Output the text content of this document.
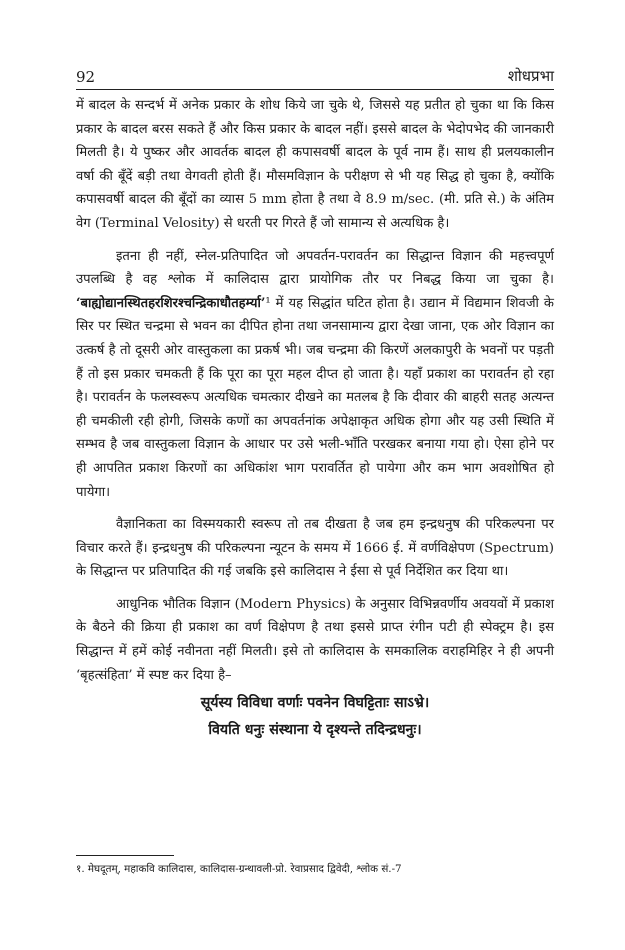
92	शोधप्रभा

में बादल के सन्दर्भ में अनेक प्रकार के शोध किये जा चुके थे, जिससे यह प्रतीत हो चुका था कि किस प्रकार के बादल बरस सकते हैं और किस प्रकार के बादल नहीं। इससे बादल के भेदोपभेद की जानकारी मिलती है। ये पुष्कर और आवर्तक बादल ही कपासवर्षी बादल के पूर्व नाम हैं। साथ ही प्रलयकालीन वर्षा की बूँदें बड़ी तथा वेगवती होती हैं। मौसमविज्ञान के परीक्षण से भी यह सिद्ध हो चुका है, क्योंकि कपासवर्षी बादल की बूँदों का व्यास 5 mm होता है तथा वे 8.9 m/sec. (मी. प्रति से.) के अंतिम वेग (Terminal Velosity) से धरती पर गिरते हैं जो सामान्य से अत्यधिक है।

इतना ही नहीं, स्नेल-प्रतिपादित जो अपवर्तन-परावर्तन का सिद्धान्त विज्ञान की महत्त्वपूर्ण उपलब्धि है वह श्लोक में कालिदास द्वारा प्रायोगिक तौर पर निबद्ध किया जा चुका है। ‘बाह्योद्यानस्थितहरशिरश्चन्द्रिकाधौतहर्म्या’¹ में यह सिद्धांत घटित होता है। उद्यान में विद्यमान शिवजी के सिर पर स्थित चन्द्रमा से भवन का दीपित होना तथा जनसामान्य द्वारा देखा जाना, एक ओर विज्ञान का उत्कर्ष है तो दूसरी ओर वास्तुकला का प्रकर्ष भी। जब चन्द्रमा की किरणें अलकापुरी के भवनों पर पड़ती हैं तो इस प्रकार चमकती हैं कि पूरा का पूरा महल दीप्त हो जाता है। यहाँ प्रकाश का परावर्तन हो रहा है। परावर्तन के फलस्वरूप अत्यधिक चमत्कार दीखने का मतलब है कि दीवार की बाहरी सतह अत्यन्त ही चमकीली रही होगी, जिसके कणों का अपवर्तनांक अपेक्षाकृत अधिक होगा और यह उसी स्थिति में सम्भव है जब वास्तुकला विज्ञान के आधार पर उसे भली-भाँति परखकर बनाया गया हो। ऐसा होने पर ही आपतित प्रकाश किरणों का अधिकांश भाग परावर्तित हो पायेगा और कम भाग अवशोषित हो पायेगा।

वैज्ञानिकता का विस्मयकारी स्वरूप तो तब दीखता है जब हम इन्द्रधनुष की परिकल्पना पर विचार करते हैं। इन्द्रधनुष की परिकल्पना न्यूटन के समय में 1666 ई. में वर्णविक्षेपण (Spectrum) के सिद्धान्त पर प्रतिपादित की गई जबकि इसे कालिदास ने ईसा से पूर्व निर्देशित कर दिया था।

आधुनिक भौतिक विज्ञान (Modern Physics) के अनुसार विभिन्नवर्णीय अवयवों में प्रकाश के बैठने की क्रिया ही प्रकाश का वर्ण विक्षेपण है तथा इससे प्राप्त रंगीन पटी ही स्पेक्ट्रम है। इस सिद्धान्त में हमें कोई नवीनता नहीं मिलती। इसे तो कालिदास के समकालिक वराहमिहिर ने ही अपनी ‘बृहत्संहिता’ में स्पष्ट कर दिया है–

सूर्यस्य विविधा वर्णाः पवनेन विघट्टिताः साऽभ्रे।
वियति धनुः संस्थाना ये दृश्यन्ते तदिन्द्रधनुः।
१. मेघदूतम्, महाकवि कालिदास, कालिदास-ग्रन्थावली-प्रो. रेवाप्रसाद द्विवेदी, श्लोक सं.-7
